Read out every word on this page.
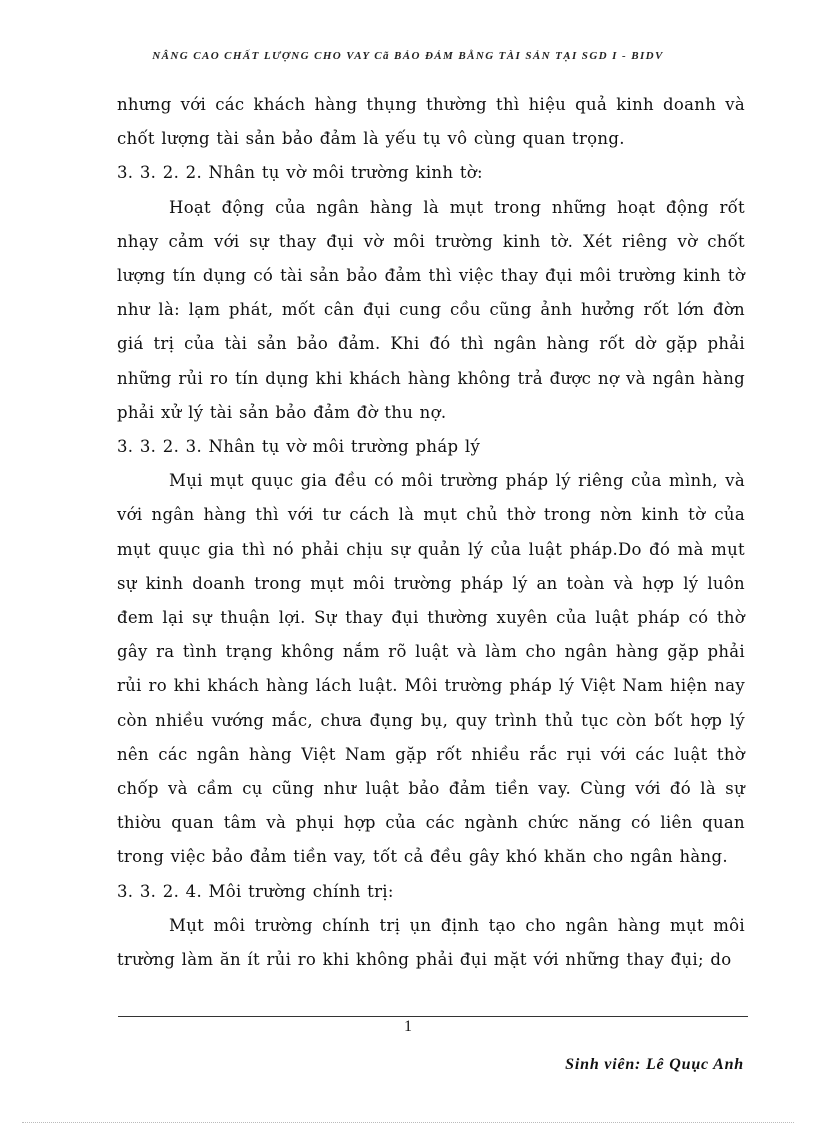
NÂNG CAO CHẤT LƯỢNG CHO VAY Cã BẢO ĐẢM BẰNG TÀI SẢN TẠI SGD I - BIDV

nhưng với các khách hàng thụng thường thì hiệu quả kinh doanh và chốt lượng tài sản bảo đảm là yếu tụ vô cùng quan trọng.

3. 3. 2. 2. Nhân tụ vờ môi trường kinh tờ:

Hoạt động của ngân hàng là mụt trong những hoạt động rốt nhạy cảm với sự thay đụi vờ môi trường kinh tờ. Xét riêng vờ chốt lượng tín dụng có tài sản bảo đảm thì việc thay đụi môi trường kinh tờ như là: lạm phát, mốt cân đụi cung cồu cũng ảnh hưởng rốt lớn đờn giá trị của tài sản bảo đảm. Khi đó thì ngân hàng rốt dờ gặp phải những rủi ro tín dụng khi khách hàng không trả được nợ và ngân hàng phải xử lý tài sản bảo đảm đờ thu nợ.

3. 3. 2. 3. Nhân tụ vờ môi trường pháp lý

Mụi mụt quục gia đều có môi trường pháp lý riêng của mình, và với ngân hàng thì với tư cách là mụt chủ thờ trong nờn kinh tờ của mụt quục gia thì nó phải chịu sự quản lý của luật pháp.Do đó mà mụt sự kinh doanh trong mụt môi trường pháp lý an toàn và hợp lý luôn đem lại sự thuận lợi. Sự thay đụi thường xuyên của luật pháp có thờ gây ra tình trạng không nắm rõ luật và làm cho ngân hàng gặp phải rủi ro khi khách hàng lách luật. Môi trường pháp lý Việt Nam hiện nay còn nhiều vướng mắc, chưa đụng bụ, quy trình thủ tục còn bốt hợp lý nên các ngân hàng Việt Nam gặp rốt nhiều rắc rụi với các luật thờ chốp và cầm cụ cũng như luật bảo đảm tiền vay. Cùng với đó là sự thiờu quan tâm và phụi hợp của các ngành chức năng có liên quan trong việc bảo đảm tiền vay, tốt cả đều gây khó khăn cho ngân hàng.

3. 3. 2. 4. Môi trường chính trị:

Mụt môi trường chính trị ụn định tạo cho ngân hàng mụt môi trường làm ăn ít rủi ro khi không phải đụi mặt với những thay đụi; do

1
Sinh viên: Lê Quục Anh
